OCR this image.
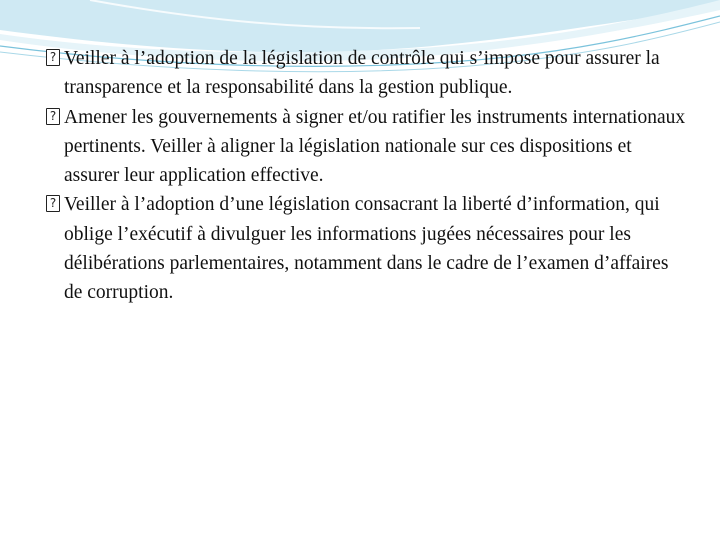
? Veiller à l’adoption de la législation de contrôle qui s’impose pour assurer la transparence et la responsabilité dans la gestion publique.
? Amener les gouvernements à signer et/ou ratifier les instruments internationaux pertinents. Veiller à aligner la législation nationale sur ces dispositions et assurer leur application effective.
? Veiller à l’adoption d’une législation consacrant la liberté d’information, qui oblige l’exécutif à divulguer les informations jugées nécessaires pour les délibérations parlementaires, notamment dans le cadre de l’examen d’affaires de corruption.
